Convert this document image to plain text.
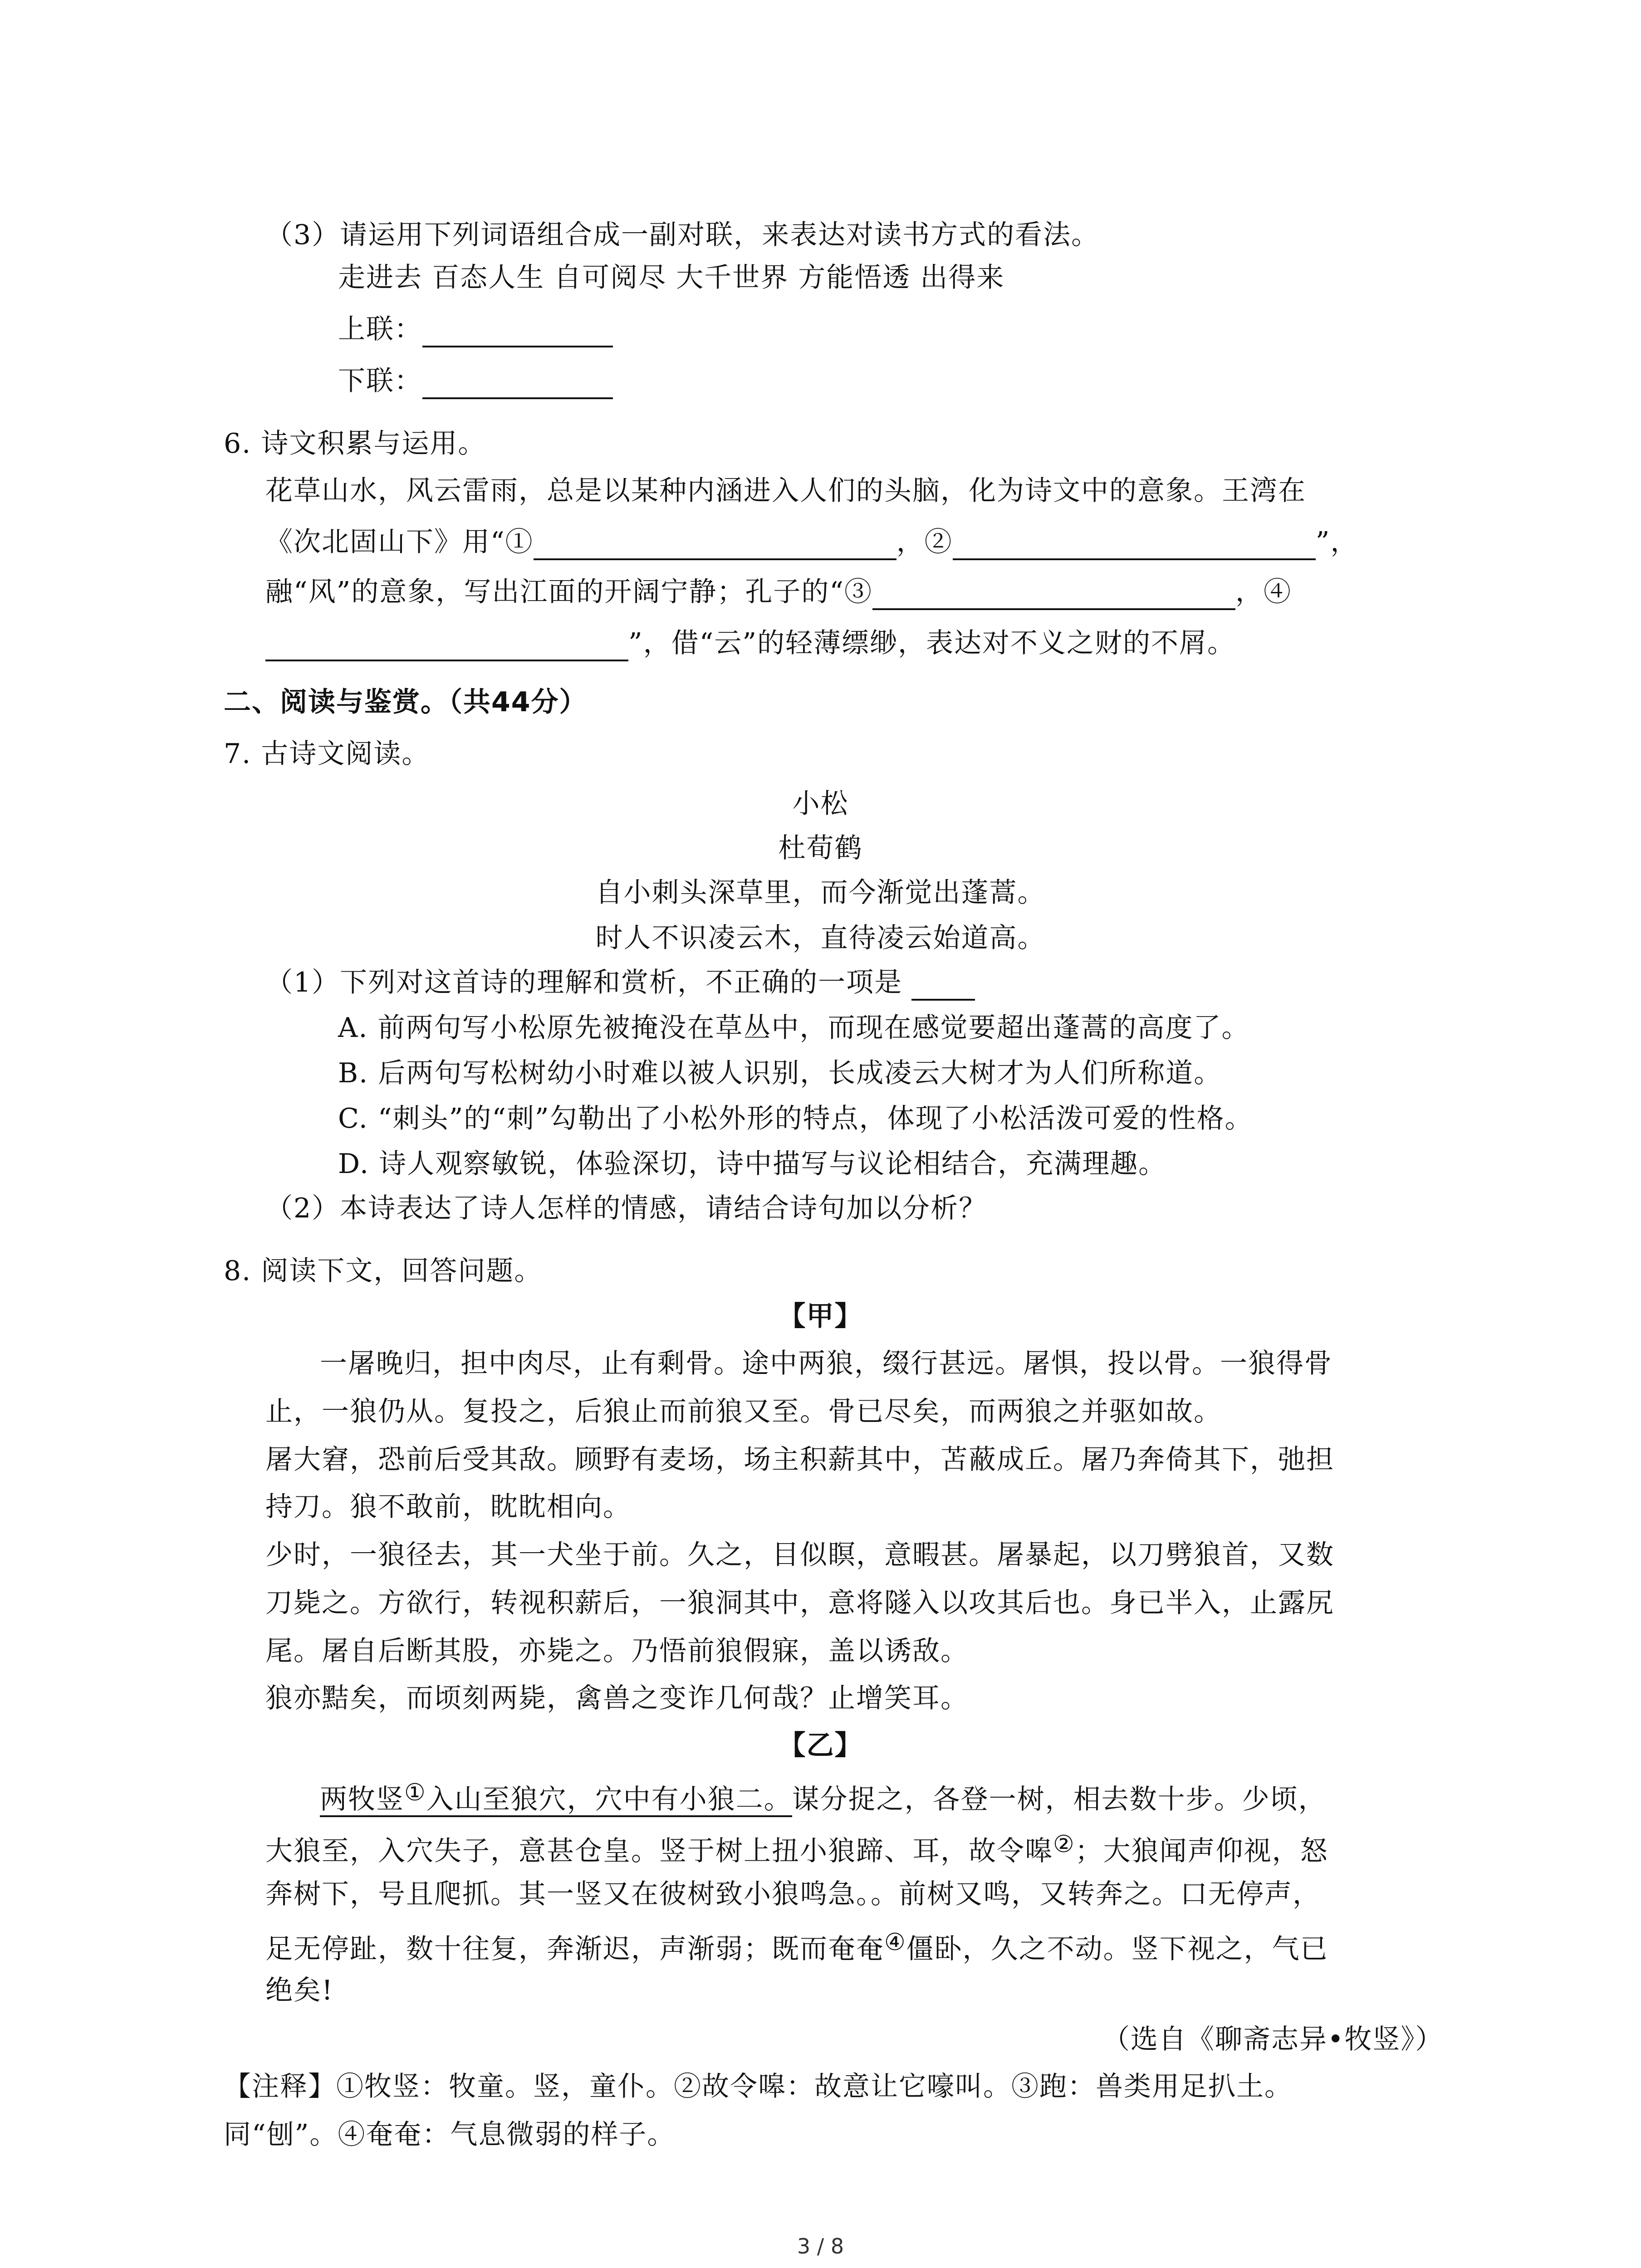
（3）请运用下列词语组合成一副对联，来表达对读书方式的看法。
走进去 百态人生 自可阅尽 大千世界 方能悟透 出得来
上联：
下联：
6. 诗文积累与运用。
花草山水，风云雷雨，总是以某种内涵进入人们的头脑，化为诗文中的意象。王湾在
《次北固山下》用“①	，②	”，
融“风”的意象，写出江面的开阔宁静；孔子的“③	，④
”，借“云”的轻薄缥缈，表达对不义之财的不屑。
二、阅读与鉴赏。（共44分）
7. 古诗文阅读。
小松
杜荀鹤
自小刺头深草里，而今渐觉出蓬蒿。
时人不识凌云木，直待凌云始道高。
（1）下列对这首诗的理解和赏析，不正确的一项是
A. 前两句写小松原先被掩没在草丛中，而现在感觉要超出蓬蒿的高度了。
B. 后两句写松树幼小时难以被人识别，长成凌云大树才为人们所称道。
C. “刺头”的“刺”勾勒出了小松外形的特点，体现了小松活泼可爱的性格。
D. 诗人观察敏锐，体验深切，诗中描写与议论相结合，充满理趣。
（2）本诗表达了诗人怎样的情感，请结合诗句加以分析？
8. 阅读下文，回答问题。
【甲】
一屠晚归，担中肉尽，止有剩骨。途中两狼，缀行甚远。屠惧，投以骨。一狼得骨
止，一狼仍从。复投之，后狼止而前狼又至。骨已尽矣，而两狼之并驱如故。
屠大窘，恐前后受其敌。顾野有麦场，场主积薪其中，苫蔽成丘。屠乃奔倚其下，弛担
持刀。狼不敢前，眈眈相向。
少时，一狼径去，其一犬坐于前。久之，目似瞑，意暇甚。屠暴起，以刀劈狼首，又数
刀毙之。方欲行，转视积薪后，一狼洞其中，意将隧入以攻其后也。身已半入，止露尻
尾。屠自后断其股，亦毙之。乃悟前狼假寐，盖以诱敌。
狼亦黠矣，而顷刻两毙，禽兽之变诈几何哉？止增笑耳。
【乙】
两牧竖①入山至狼穴，穴中有小狼二。谋分捉之，各登一树，相去数十步。少顷，
大狼至，入穴失子，意甚仓皇。竖于树上扭小狼蹄、耳，故令嗥②；大狼闻声仰视，怒
奔树下，号且爬抓。其一竖又在彼树致小狼鸣急。。前树又鸣，又转奔之。口无停声，
足无停趾，数十往复，奔渐迟，声渐弱；既而奄奄④僵卧，久之不动。竖下视之，气已
绝矣!
（选自《聊斋志异•牧竖》）
【注释】①牧竖：牧童。竖，童仆。②故令嗥：故意让它嚎叫。③跑：兽类用足扒土。
同“刨”。④奄奄：气息微弱的样子。
3 / 8
